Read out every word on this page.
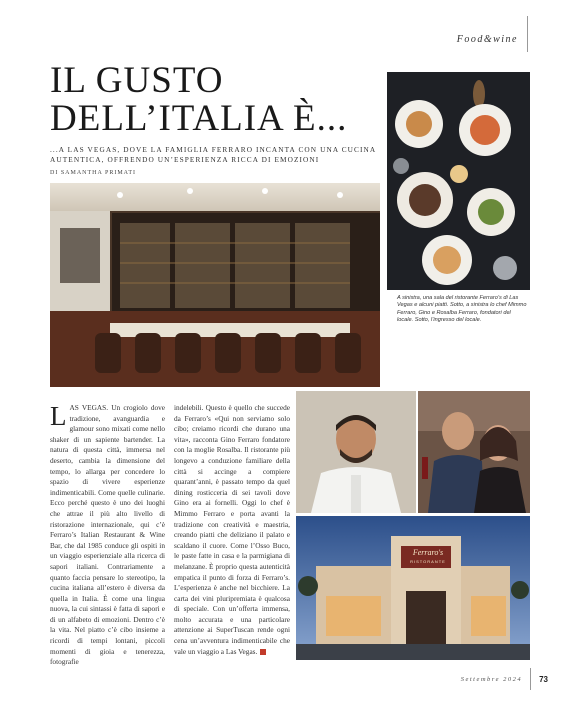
Food&wine
IL GUSTO DELL’ITALIA È...
...A LAS VEGAS, DOVE LA FAMIGLIA FERRARO INCANTA CON UNA CUCINA AUTENTICA, OFFRENDO UN’ESPERIENZA RICCA DI EMOZIONI
DI SAMANTHA PRIMATI
A sinistra, una sala del ristorante Ferraro’s di Las Vegas e alcuni piatti. Sotto, a sinistra lo chef Mimmo Ferraro, Gino e Rosalba Ferraro, fondatori del locale. Sotto, l’ingresso del locale.
LAS VEGAS. Un crogiolo dove tradizione, avanguardia e glamour sono mixati come nello shaker di un sapiente bartender. La natura di questa città, immersa nel deserto, cambia la dimensione del tempo, lo allarga per concedere lo spazio di vivere esperienze indimenticabili. Come quelle culinarie. Ecco perché questo è uno dei luoghi che attrae il più alto livello di ristorazione internazionale, qui c’è Ferraro’s Italian Restaurant & Wine Bar, che dal 1985 conduce gli ospiti in un viaggio esperienziale alla ricerca di sapori italiani. Contrariamente a quanto faccia pensare lo stereotipo, la cucina italiana all’estero è diversa da quella in Italia. È come una lingua nuova, la cui sintassi è fatta di sapori e di un alfabeto di emozioni. Dentro c’è la vita. Nel piatto c’è cibo insieme a ricordi di tempi lontani, piccoli momenti di gioia e tenerezza, fotografie
indelebili. Questo è quello che succede da Ferraro’s «Qui non serviamo solo cibo; creiamo ricordi che durano una vita», racconta Gino Ferraro fondatore con la moglie Rosalba. Il ristorante più longevo a conduzione familiare della città si accinge a compiere quarant’anni, è passato tempo da quel dining rosticceria di sei tavoli dove Gino era ai fornelli. Oggi lo chef è Mimmo Ferraro e porta avanti la tradizione con creatività e maestria, creando piatti che deliziano il palato e scaldano il cuore. Come l’Osso Buco, le paste fatte in casa e la parmigiana di melanzane. È proprio questa autenticità empatica il punto di forza di Ferraro’s. L’esperienza è anche nel bicchiere. La carta dei vini pluripremiata è qualcosa di speciale. Con un’offerta immensa, molto accurata e una particolare attenzione ai SuperTuscan rende ogni cena un’avventura indimenticabile che vale un viaggio a Las Vegas.
Ferraro's
RISTORANTE
Settembre 2024 73
